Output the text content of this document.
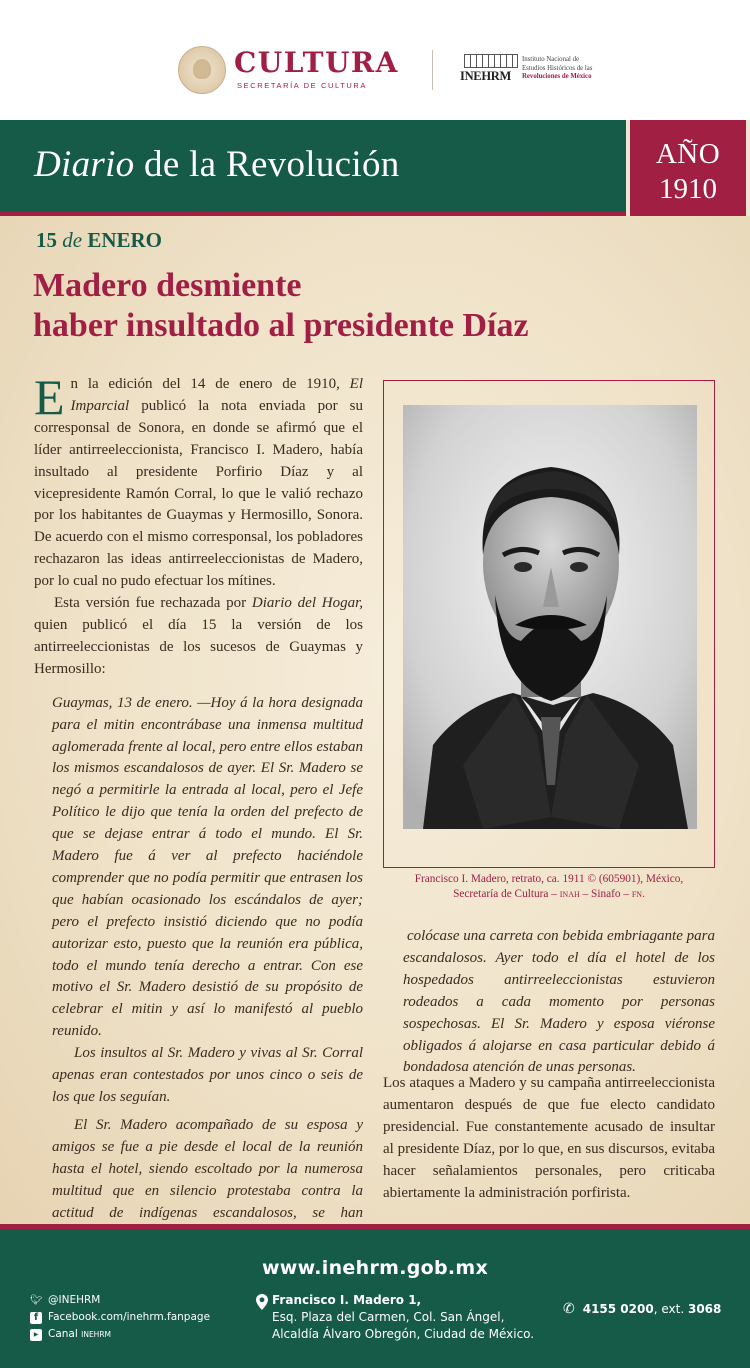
CULTURA
SECRETARÍA DE CULTURA
INEHRM
Instituto Nacional de
Estudios Históricos de las
Revoluciones de México
Diario de la Revolución	AÑO
1910
15 de ENERO
Madero desmiente
haber insultado al presidente Díaz

En la edición del 14 de enero de 1910, El Imparcial publicó la nota enviada por su corresponsal de Sonora, en donde se afirmó que el líder antirreeleccionista, Francisco I. Madero, había insultado al presidente Porfirio Díaz y al vicepresidente Ramón Corral, lo que le valió rechazo por los habitantes de Guaymas y Hermosillo, Sonora. De acuerdo con el mismo corresponsal, los pobladores rechazaron las ideas antirreeleccionistas de Madero, por lo cual no pudo efectuar los mítines.

Esta versión fue rechazada por Diario del Hogar, quien publicó el día 15 la versión de los antirreeleccionistas de los sucesos de Guaymas y Hermosillo:

Guaymas, 13 de enero. —Hoy á la hora designada para el mitin encontrábase una inmensa multitud aglomerada frente al local, pero entre ellos estaban los mismos escandalosos de ayer. El Sr. Madero se negó a permitirle la entrada al local, pero el Jefe Político le dijo que tenía la orden del prefecto de que se dejase entrar á todo el mundo. El Sr. Madero fue á ver al prefecto haciéndole comprender que no podía permitir que entrasen los que habían ocasionado los escándalos de ayer; pero el prefecto insistió diciendo que no podía autorizar esto, puesto que la reunión era pública, todo el mundo tenía derecho a entrar. Con ese motivo el Sr. Madero desistió de su propósito de celebrar el mitin y así lo manifestó al pueblo reunido.

Los insultos al Sr. Madero y vivas al Sr. Corral apenas eran contestados por unos cinco o seis de los que los seguían.

El Sr. Madero acompañado de su esposa y amigos se fue a pie desde el local de la reunión hasta el hotel, siendo escoltado por la numerosa multitud que en silencio protestaba contra la actitud de indígenas escandalosos, se han

Francisco I. Madero, retrato, ca. 1911 © (605901), México,
Secretaría de Cultura – inah – Sinafo – fn.

colócase una carreta con bebida embriagante para escandalosos. Ayer todo el día el hotel de los hospedados antirreeleccionistas estuvieron rodeados a cada momento por personas sospechosas. El Sr. Madero y esposa viéronse obligados á alojarse en casa particular debido á bondadosa atención de unas personas.

Los ataques a Madero y su campaña antirreeleccionista aumentaron después de que fue electo candidato presidencial. Fue constantemente acusado de insultar al presidente Díaz, por lo que, en sus discursos, evitaba hacer señalamientos personales, pero criticaba abiertamente la administración porfirista.
www.inehrm.gob.mx
🐦︎ @INEHRM
f Facebook.com/inehrm.fanpage
▶ Canal
INEHRM
Francisco I. Madero 1,
Esq. Plaza del Carmen, Col. San Ángel,
Alcaldía Álvaro Obregón, Ciudad de México.
✆ 4155 0200 , ext.
3068
